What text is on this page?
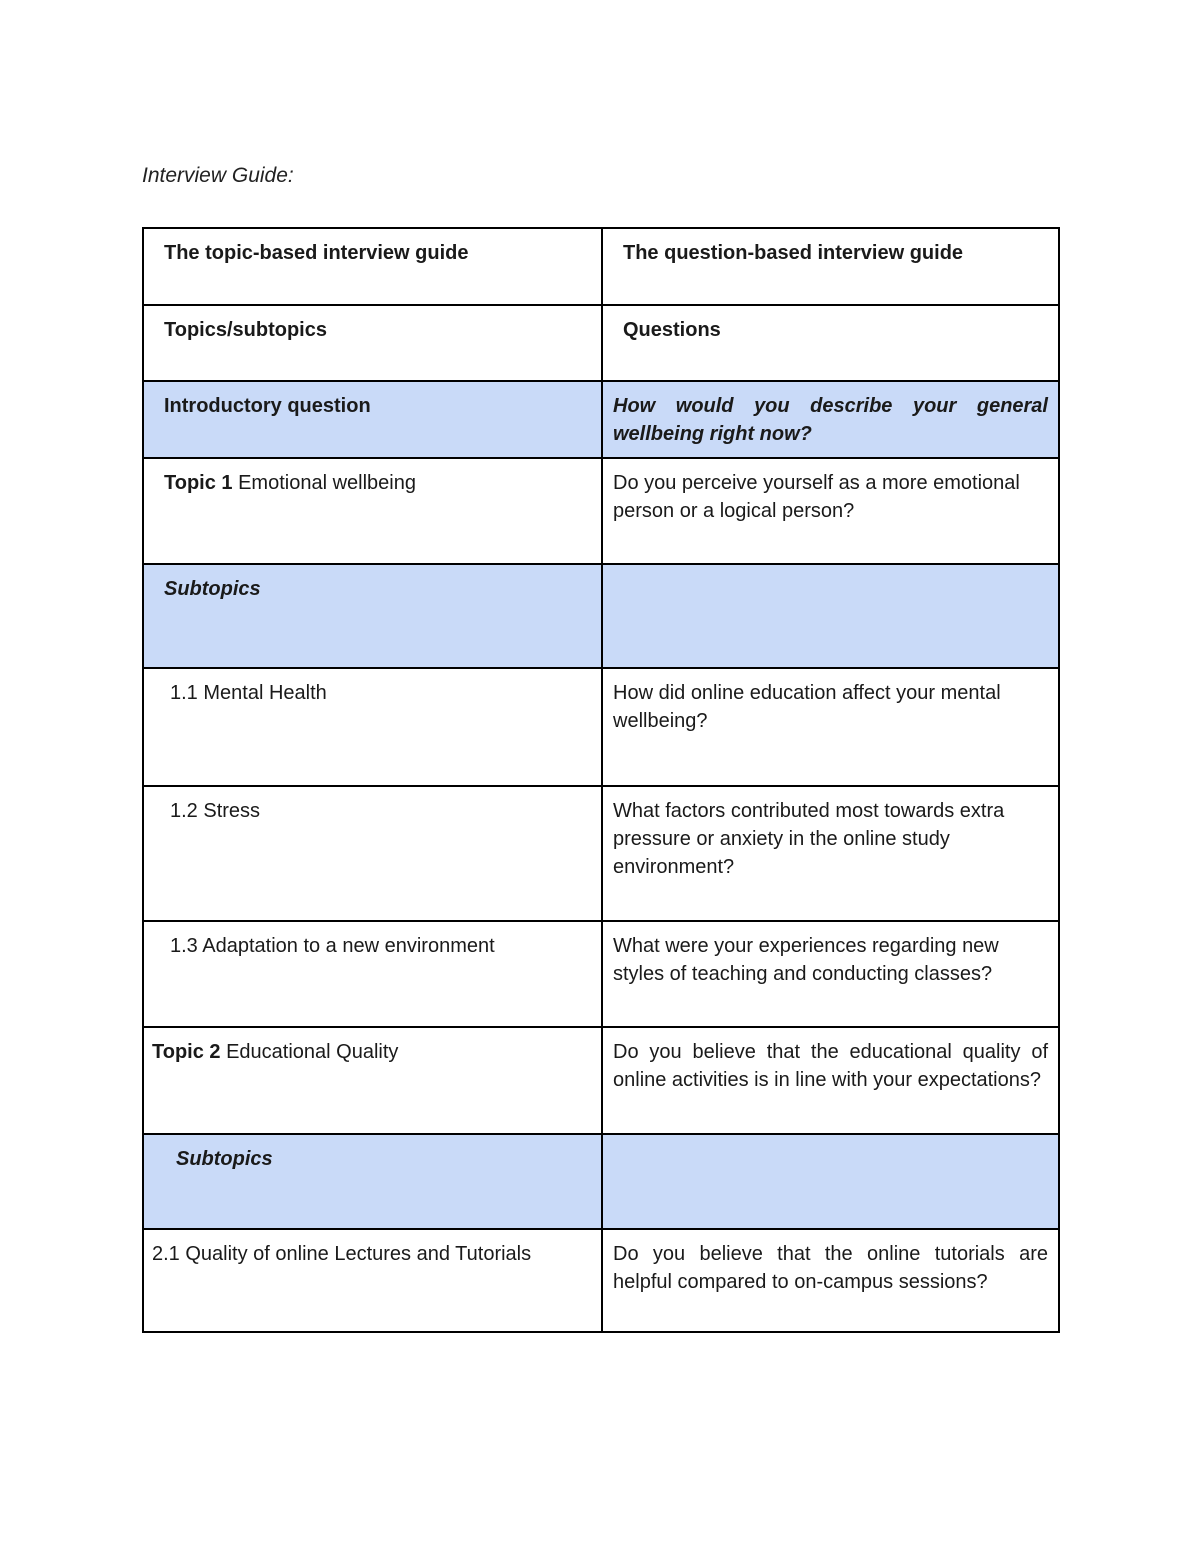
Interview Guide:

The topic-based interview guide	The question-based interview guide
Topics/subtopics	Questions
Introductory question	How would you describe your general wellbeing right now?
Topic 1 Emotional wellbeing	Do you perceive yourself as a more emotional person or a logical person?
Subtopics	
1.1 Mental Health	How did online education affect your mental wellbeing?
1.2 Stress	What factors contributed most towards extra pressure or anxiety in the online study environment?
1.3 Adaptation to a new environment	What were your experiences regarding new styles of teaching and conducting classes?
Topic 2 Educational Quality	Do you believe that the educational quality of online activities is in line with your expectations?
Subtopics	
2.1 Quality of online Lectures and Tutorials	Do you believe that the online tutorials are helpful compared to on-campus sessions?
